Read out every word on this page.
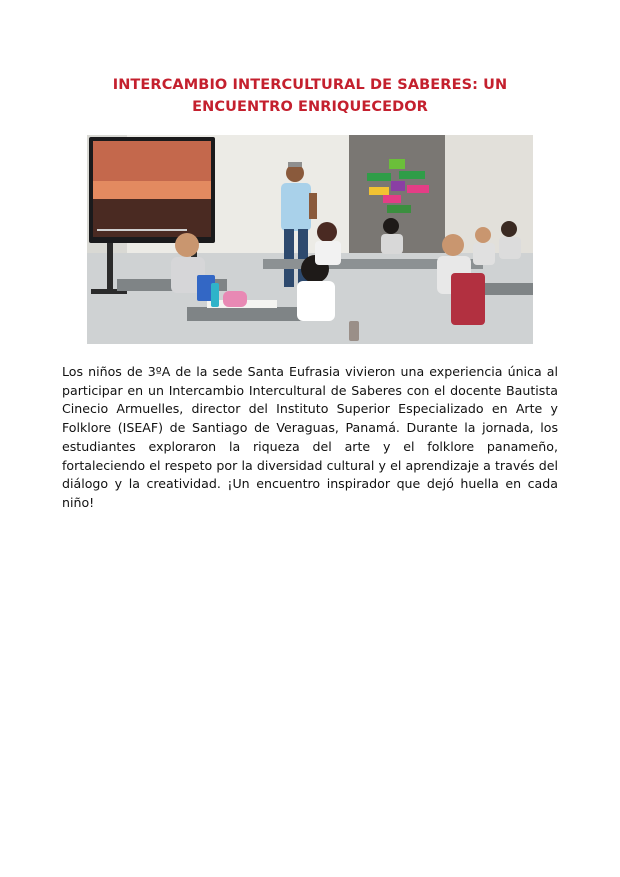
INTERCAMBIO INTERCULTURAL DE SABERES: UN
ENCUENTRO ENRIQUECEDOR

Los niños de 3ºA de la sede Santa Eufrasia vivieron una experiencia única al participar en un Intercambio Intercultural de Saberes con el docente Bautista Cinecio Armuelles, director del Instituto Superior Especializado en Arte y Folklore (ISEAF) de Santiago de Veraguas, Panamá. Durante la jornada, los estudiantes exploraron la riqueza del arte y el folklore panameño, fortaleciendo el respeto por la diversidad cultural y el aprendizaje a través del diálogo y la creatividad. ¡Un encuentro inspirador que dejó huella en cada niño!
